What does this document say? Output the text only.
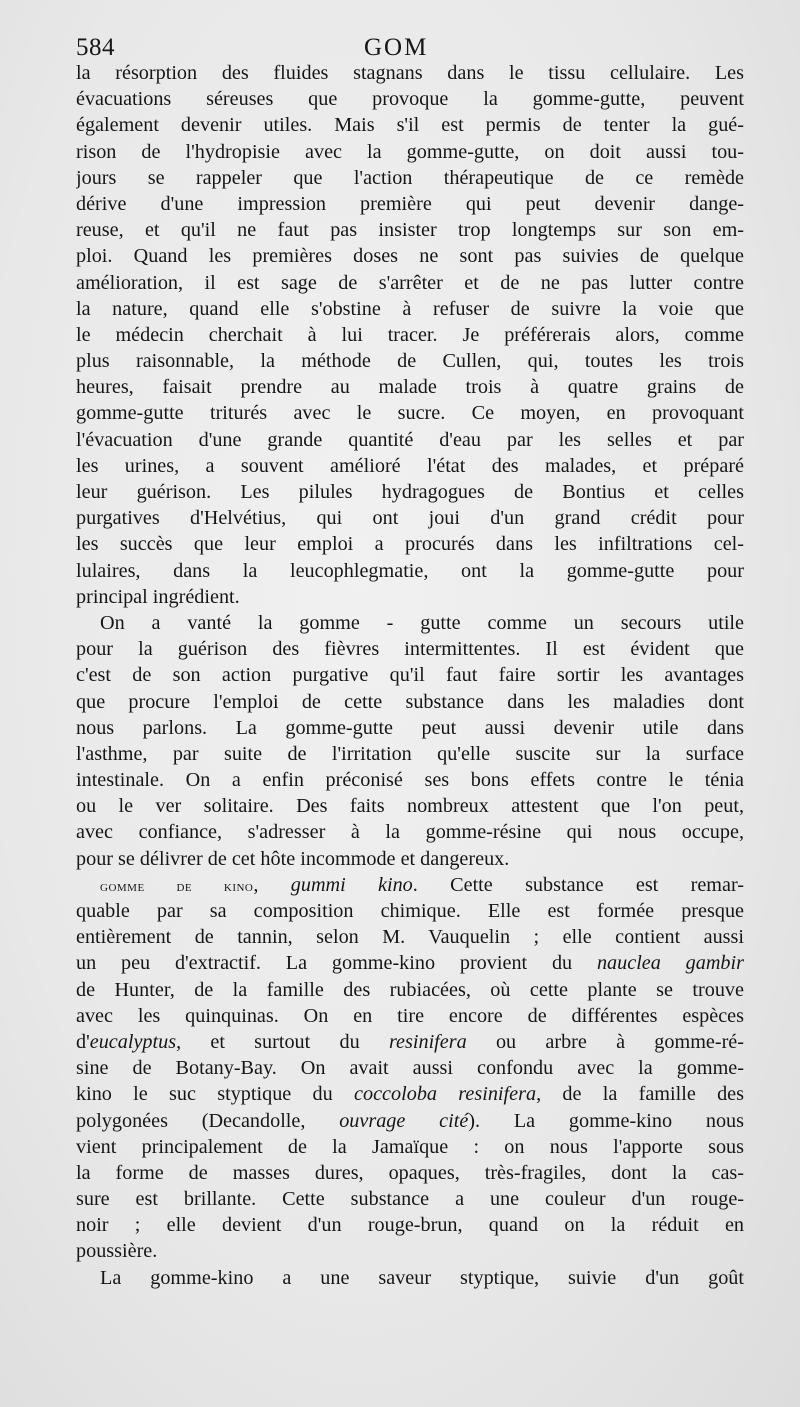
584	GOM
la résorption des fluides stagnans dans le tissu cellulaire. Les
évacuations séreuses que provoque la gomme-gutte, peuvent
également devenir utiles. Mais s'il est permis de tenter la gué-
rison de l'hydropisie avec la gomme-gutte, on doit aussi tou-
jours se rappeler que l'action thérapeutique de ce remède
dérive d'une impression première qui peut devenir dange-
reuse, et qu'il ne faut pas insister trop longtemps sur son em-
ploi. Quand les premières doses ne sont pas suivies de quelque
amélioration, il est sage de s'arrêter et de ne pas lutter contre
la nature, quand elle s'obstine à refuser de suivre la voie que
le médecin cherchait à lui tracer. Je préférerais alors, comme
plus raisonnable, la méthode de Cullen, qui, toutes les trois
heures, faisait prendre au malade trois à quatre grains de
gomme-gutte triturés avec le sucre. Ce moyen, en provoquant
l'évacuation d'une grande quantité d'eau par les selles et par
les urines, a souvent amélioré l'état des malades, et préparé
leur guérison. Les pilules hydragogues de Bontius et celles
purgatives d'Helvétius, qui ont joui d'un grand crédit pour
les succès que leur emploi a procurés dans les infiltrations cel-
lulaires, dans la leucophlegmatie, ont la gomme-gutte pour
principal ingrédient.
On a vanté la gomme - gutte comme un secours utile
pour la guérison des fièvres intermittentes. Il est évident que
c'est de son action purgative qu'il faut faire sortir les avantages
que procure l'emploi de cette substance dans les maladies dont
nous parlons. La gomme-gutte peut aussi devenir utile dans
l'asthme, par suite de l'irritation qu'elle suscite sur la surface
intestinale. On a enfin préconisé ses bons effets contre le ténia
ou le ver solitaire. Des faits nombreux attestent que l'on peut,
avec confiance, s'adresser à la gomme-résine qui nous occupe,
pour se délivrer de cet hôte incommode et dangereux.
gomme de kino, gummi kino. Cette substance est remar-
quable par sa composition chimique. Elle est formée presque
entièrement de tannin, selon M. Vauquelin ; elle contient aussi
un peu d'extractif. La gomme-kino provient du nauclea gambir
de Hunter, de la famille des rubiacées, où cette plante se trouve
avec les quinquinas. On en tire encore de différentes espèces
d'eucalyptus, et surtout du resinifera ou arbre à gomme-ré-
sine de Botany-Bay. On avait aussi confondu avec la gomme-
kino le suc styptique du coccoloba resinifera, de la famille des
polygonées (Decandolle, ouvrage cité). La gomme-kino nous
vient principalement de la Jamaïque : on nous l'apporte sous
la forme de masses dures, opaques, très-fragiles, dont la cas-
sure est brillante. Cette substance a une couleur d'un rouge-
noir ; elle devient d'un rouge-brun, quand on la réduit en
poussière.
La gomme-kino a une saveur styptique, suivie d'un goût
